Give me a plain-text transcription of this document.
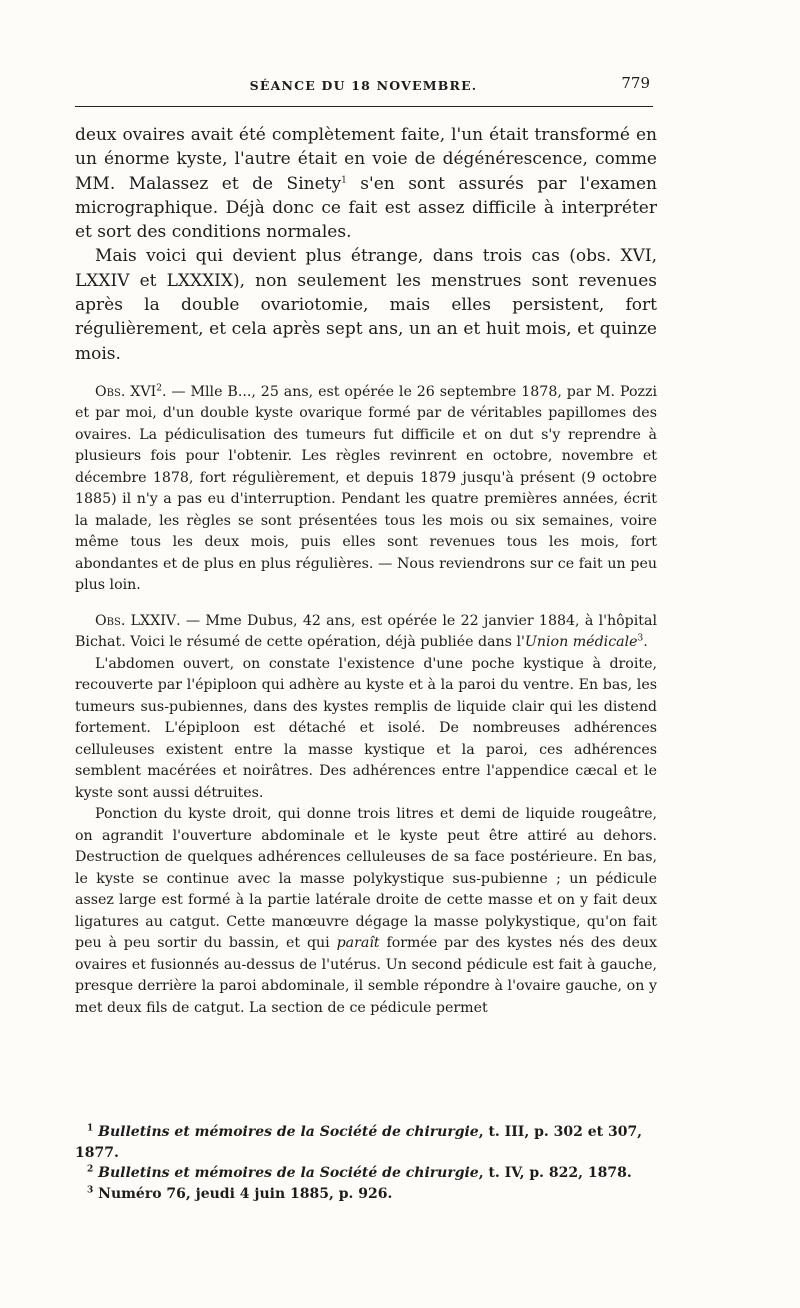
SÉANCE DU 18 NOVEMBRE.	779

deux ovaires avait été complètement faite, l'un était transformé en un énorme kyste, l'autre était en voie de dégénérescence, comme MM. Malassez et de Sinety$^1$ s'en sont assurés par l'examen micrographique. Déjà donc ce fait est assez difficile à interpréter et sort des conditions normales.

Mais voici qui devient plus étrange, dans trois cas (obs. XVI, LXXIV et LXXXIX), non seulement les menstrues sont revenues après la double ovariotomie, mais elles persistent, fort régulièrement, et cela après sept ans, un an et huit mois, et quinze mois.

Obs. XVI$^2$. — Mlle B..., 25 ans, est opérée le 26 septembre 1878, par M. Pozzi et par moi, d'un double kyste ovarique formé par de véritables papillomes des ovaires. La pédiculisation des tumeurs fut difficile et on dut s'y reprendre à plusieurs fois pour l'obtenir. Les règles revinrent en octobre, novembre et décembre 1878, fort régulièrement, et depuis 1879 jusqu'à présent (9 octobre 1885) il n'y a pas eu d'interruption. Pendant les quatre premières années, écrit la malade, les règles se sont présentées tous les mois ou six semaines, voire même tous les deux mois, puis elles sont revenues tous les mois, fort abondantes et de plus en plus régulières. — Nous reviendrons sur ce fait un peu plus loin.

Obs. LXXIV. — Mme Dubus, 42 ans, est opérée le 22 janvier 1884, à l'hôpital Bichat. Voici le résumé de cette opération, déjà publiée dans l'Union médicale$^3$.

L'abdomen ouvert, on constate l'existence d'une poche kystique à droite, recouverte par l'épiploon qui adhère au kyste et à la paroi du ventre. En bas, les tumeurs sus-pubiennes, dans des kystes remplis de liquide clair qui les distend fortement. L'épiploon est détaché et isolé. De nombreuses adhérences celluleuses existent entre la masse kystique et la paroi, ces adhérences semblent macérées et noirâtres. Des adhérences entre l'appendice cæcal et le kyste sont aussi détruites.

Ponction du kyste droit, qui donne trois litres et demi de liquide rougeâtre, on agrandit l'ouverture abdominale et le kyste peut être attiré au dehors. Destruction de quelques adhérences celluleuses de sa face postérieure. En bas, le kyste se continue avec la masse polykystique sus-pubienne ; un pédicule assez large est formé à la partie latérale droite de cette masse et on y fait deux ligatures au catgut. Cette manœuvre dégage la masse polykystique, qu'on fait peu à peu sortir du bassin, et qui paraît formée par des kystes nés des deux ovaires et fusionnés au-dessus de l'utérus. Un second pédicule est fait à gauche, presque derrière la paroi abdominale, il semble répondre à l'ovaire gauche, on y met deux fils de catgut. La section de ce pédicule permet

$^1$ Bulletins et mémoires de la Société de chirurgie, t. III, p. 302 et 307, 1877.

$^2$ Bulletins et mémoires de la Société de chirurgie, t. IV, p. 822, 1878.

$^3$ Numéro 76, jeudi 4 juin 1885, p. 926.
